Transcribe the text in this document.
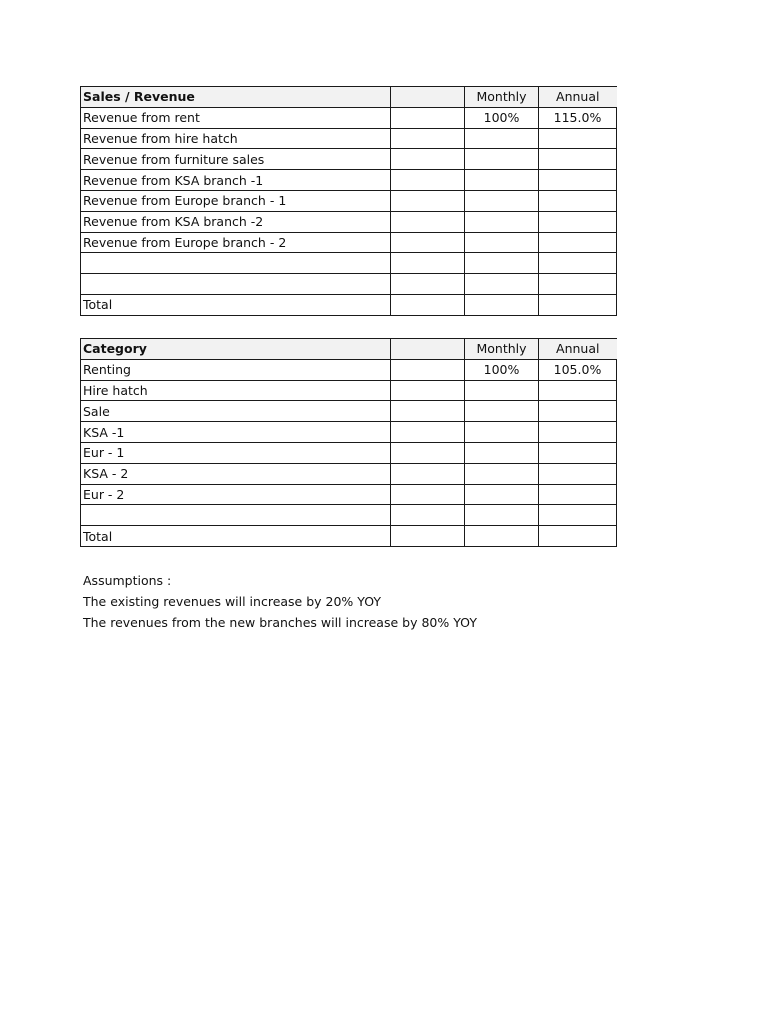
Sales / Revenue		Monthly	Annual
Revenue from rent		100%	115.0%
Revenue from hire hatch			
Revenue from furniture sales			
Revenue from KSA branch -1			
Revenue from Europe branch - 1			
Revenue from KSA branch -2			
Revenue from Europe branch - 2			

Total			
Category		Monthly	Annual
Renting		100%	105.0%
Hire hatch			
Sale			
KSA -1			
Eur - 1			
KSA - 2			
Eur - 2			

Total			
Assumptions :
The existing revenues will increase by 20% YOY
The revenues from the new branches will increase by 80% YOY
